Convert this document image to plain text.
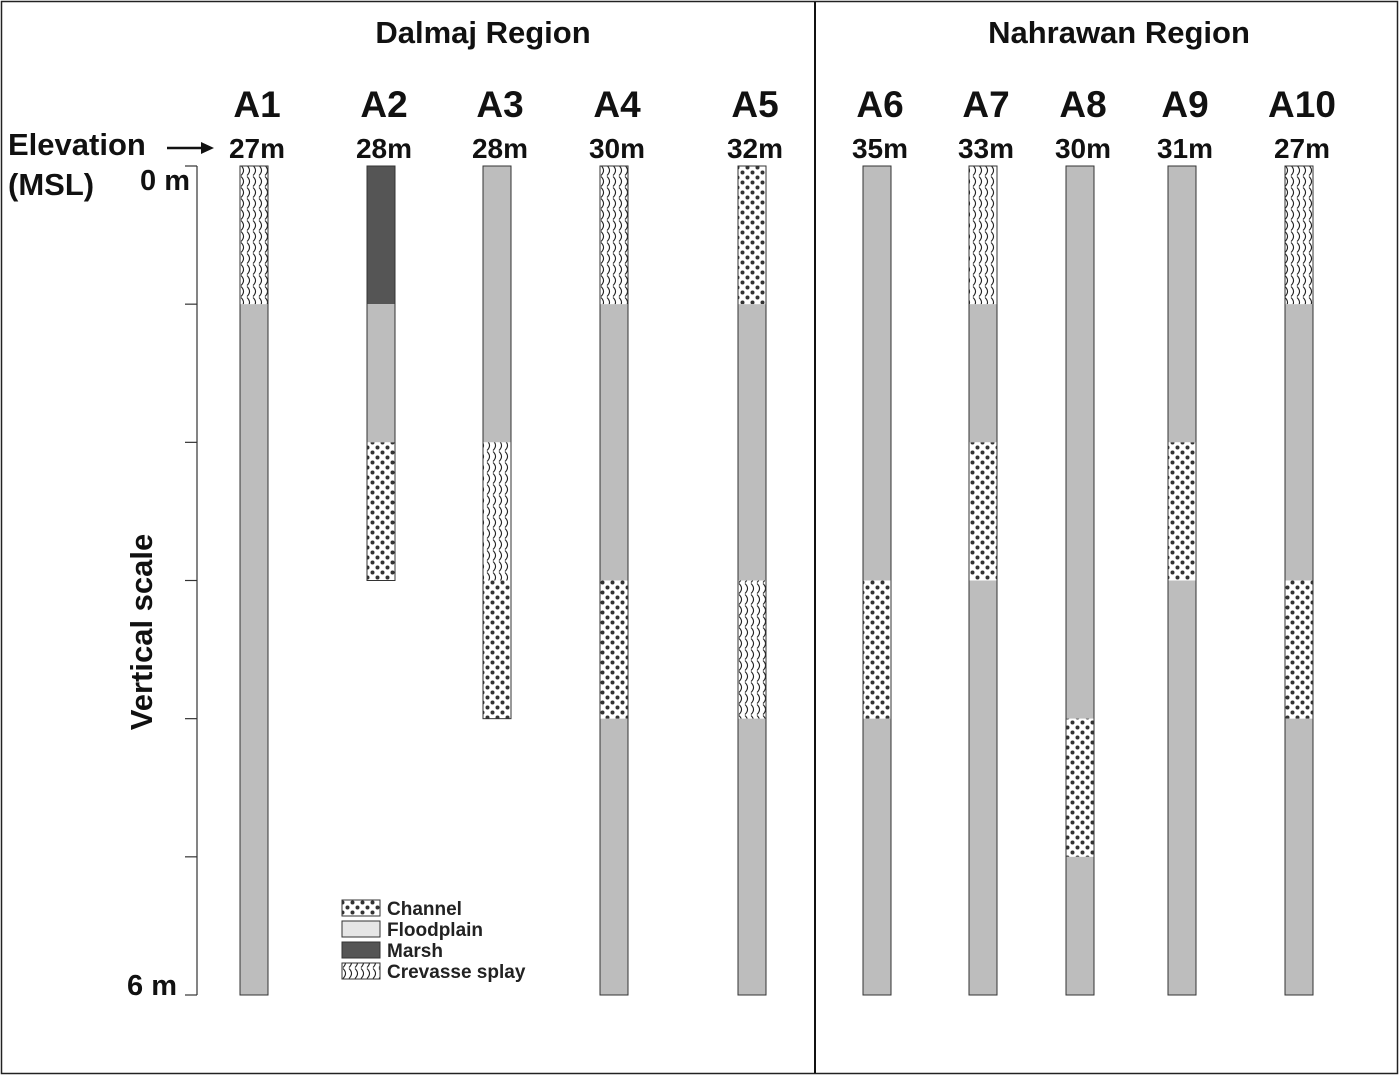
Dalmaj Region	Nahrawan Region
Elevation
(MSL) 0 m
6 m
Vertical scale
A1
27m
A2
28m
A3
28m
A4
30m
A5
32m
A6
35m
A7
33m
A8
30m
A9
31m
A10
27m
Channel
Floodplain
Marsh
Crevasse splay
